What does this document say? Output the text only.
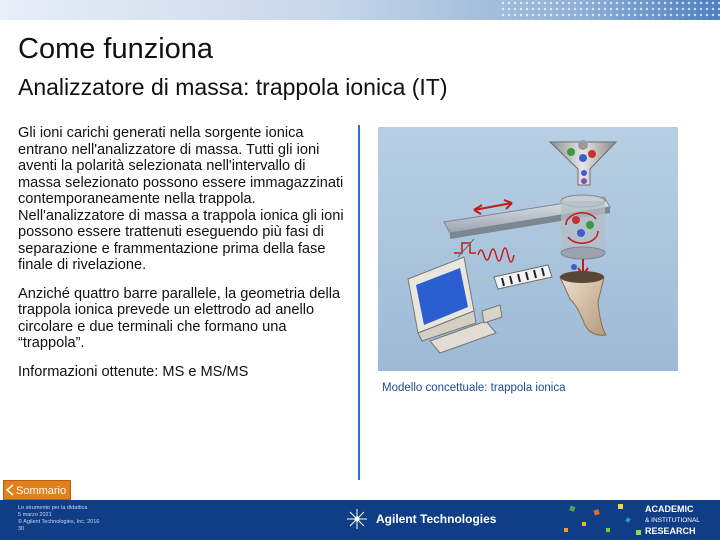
Come funziona
Analizzatore di massa: trappola ionica (IT)

Gli ioni carichi generati nella sorgente ionica entrano nell'analizzatore di massa. Tutti gli ioni aventi la polarità selezionata nell'intervallo di massa selezionato possono essere immagazzinati contemporaneamente nella trappola. Nell'analizzatore di massa a trappola ionica gli ioni possono essere trattenuti eseguendo più fasi di separazione e frammentazione prima della fase finale di rivelazione.

Anziché quattro barre parallele, la geometria della trappola ionica prevede un elettrodo ad anello circolare e due terminali che formano una “trappola”.

Informazioni ottenute: MS e MS/MS

Modello concettuale: trappola ionica
Sommario
Lo strumento per la didattica
5 marzo 2021
© Agilent Technologies, Inc. 2016
30
Agilent Technologies
ACADEMIC
& INSTITUTIONAL
RESEARCH
